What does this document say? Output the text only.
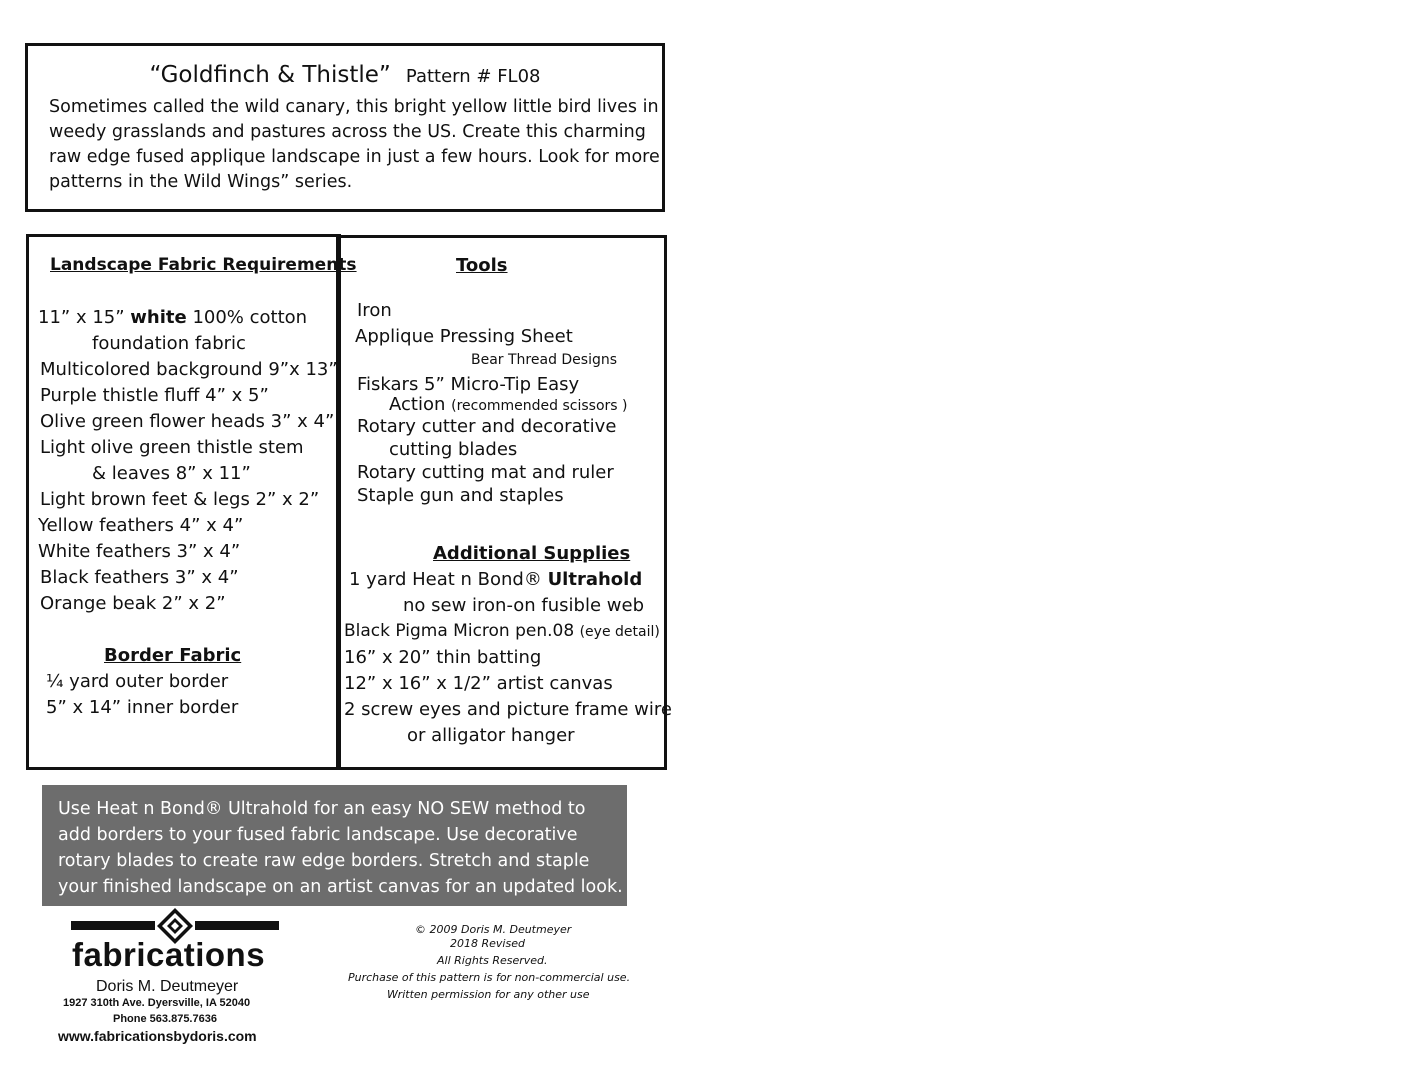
“Goldfinch & Thistle” Pattern # FL08
Sometimes called the wild canary, this bright yellow little bird lives in
weedy grasslands and pastures across the US. Create this charming
raw edge fused applique landscape in just a few hours. Look for more
patterns in the Wild Wings” series.
Landscape Fabric Requirements
11” x 15” white 100% cotton
foundation fabric
Multicolored background 9”x 13”
Purple thistle fluff 4” x 5”
Olive green flower heads 3” x 4”
Light olive green thistle stem
& leaves 8” x 11”
Light brown feet & legs 2” x 2”
Yellow feathers 4” x 4”
White feathers 3” x 4”
Black feathers 3” x 4”
Orange beak 2” x 2”
Border Fabric
¼ yard outer border
5” x 14” inner border
Tools
Iron
Applique Pressing Sheet
Bear Thread Designs
Fiskars 5” Micro-Tip Easy
Action (recommended scissors )
Rotary cutter and decorative
cutting blades
Rotary cutting mat and ruler
Staple gun and staples
Additional Supplies
1 yard Heat n Bond® Ultrahold
no sew iron-on fusible web
Black Pigma Micron pen.08 (eye detail)
16” x 20” thin batting
12” x 16” x 1/2” artist canvas
2 screw eyes and picture frame wire
or alligator hanger
Use Heat n Bond® Ultrahold for an easy NO SEW method to
add borders to your fused fabric landscape. Use decorative
rotary blades to create raw edge borders. Stretch and staple
your finished landscape on an artist canvas for an updated look.
fabrications
Doris M. Deutmeyer
1927 310th Ave. Dyersville, IA 52040
Phone 563.875.7636
www.fabricationsbydoris.com
© 2009 Doris M. Deutmeyer
2018 Revised
All Rights Reserved.
Purchase of this pattern is for non-commercial use.
Written permission for any other use
